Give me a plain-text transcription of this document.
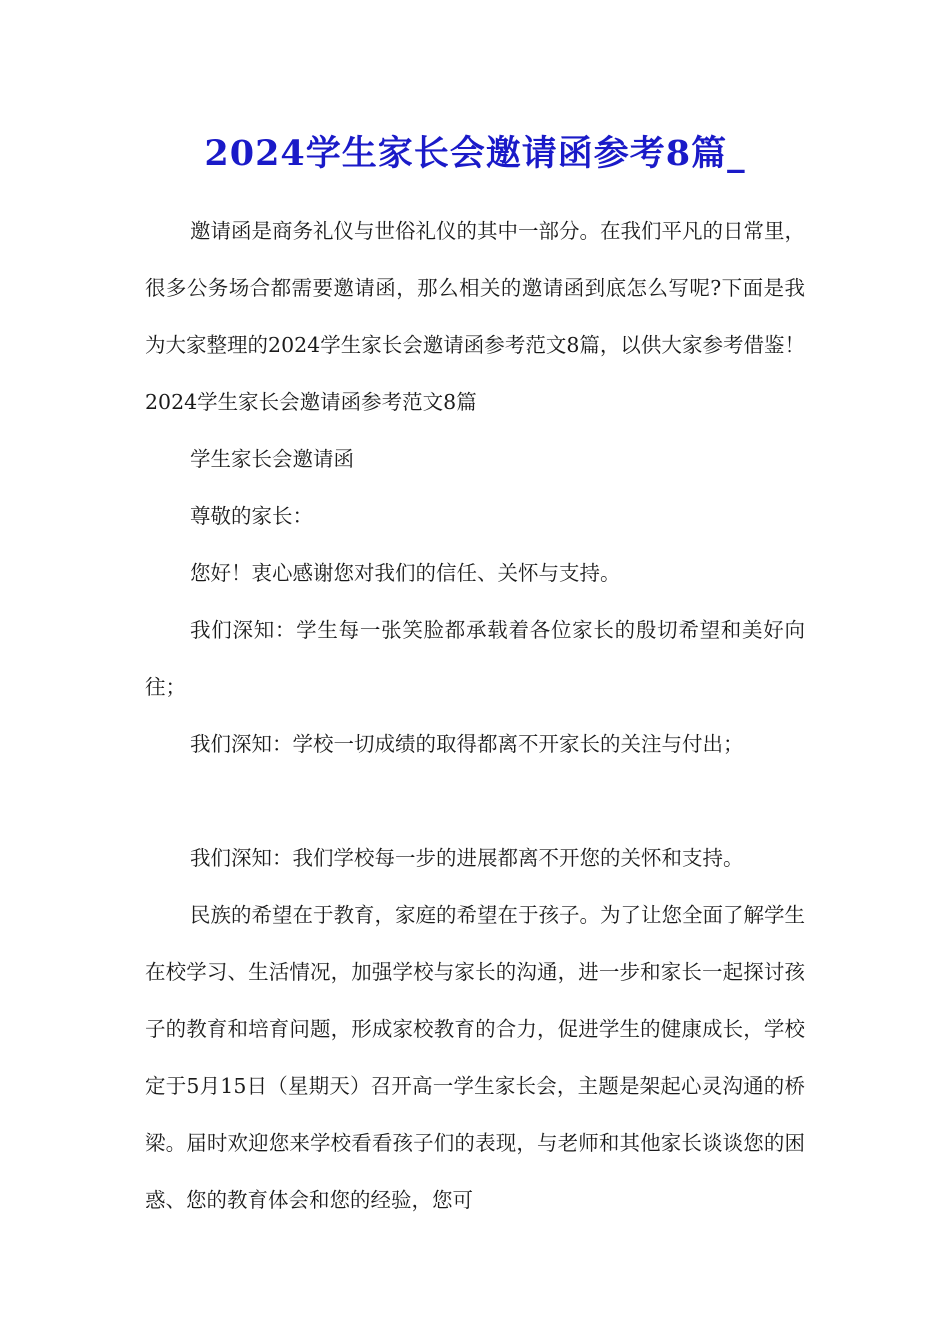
2024学生家长会邀请函参考8篇_

邀请函是商务礼仪与世俗礼仪的其中一部分。在我们平凡的日常里，很多公务场合都需要邀请函，那么相关的邀请函到底怎么写呢?下面是我为大家整理的2024学生家长会邀请函参考范文8篇，以供大家参考借鉴！2024学生家长会邀请函参考范文8篇

学生家长会邀请函

尊敬的家长：

您好！衷心感谢您对我们的信任、关怀与支持。

我们深知：学生每一张笑脸都承载着各位家长的殷切希望和美好向往；

我们深知：学校一切成绩的取得都离不开家长的关注与付出；

我们深知：我们学校每一步的进展都离不开您的关怀和支持。

民族的希望在于教育，家庭的希望在于孩子。为了让您全面了解学生在校学习、生活情况，加强学校与家长的沟通，进一步和家长一起探讨孩子的教育和培育问题，形成家校教育的合力，促进学生的健康成长，学校定于5月15日（星期天）召开高一学生家长会，主题是架起心灵沟通的桥梁。届时欢迎您来学校看看孩子们的表现，与老师和其他家长谈谈您的困惑、您的教育体会和您的经验，您可
